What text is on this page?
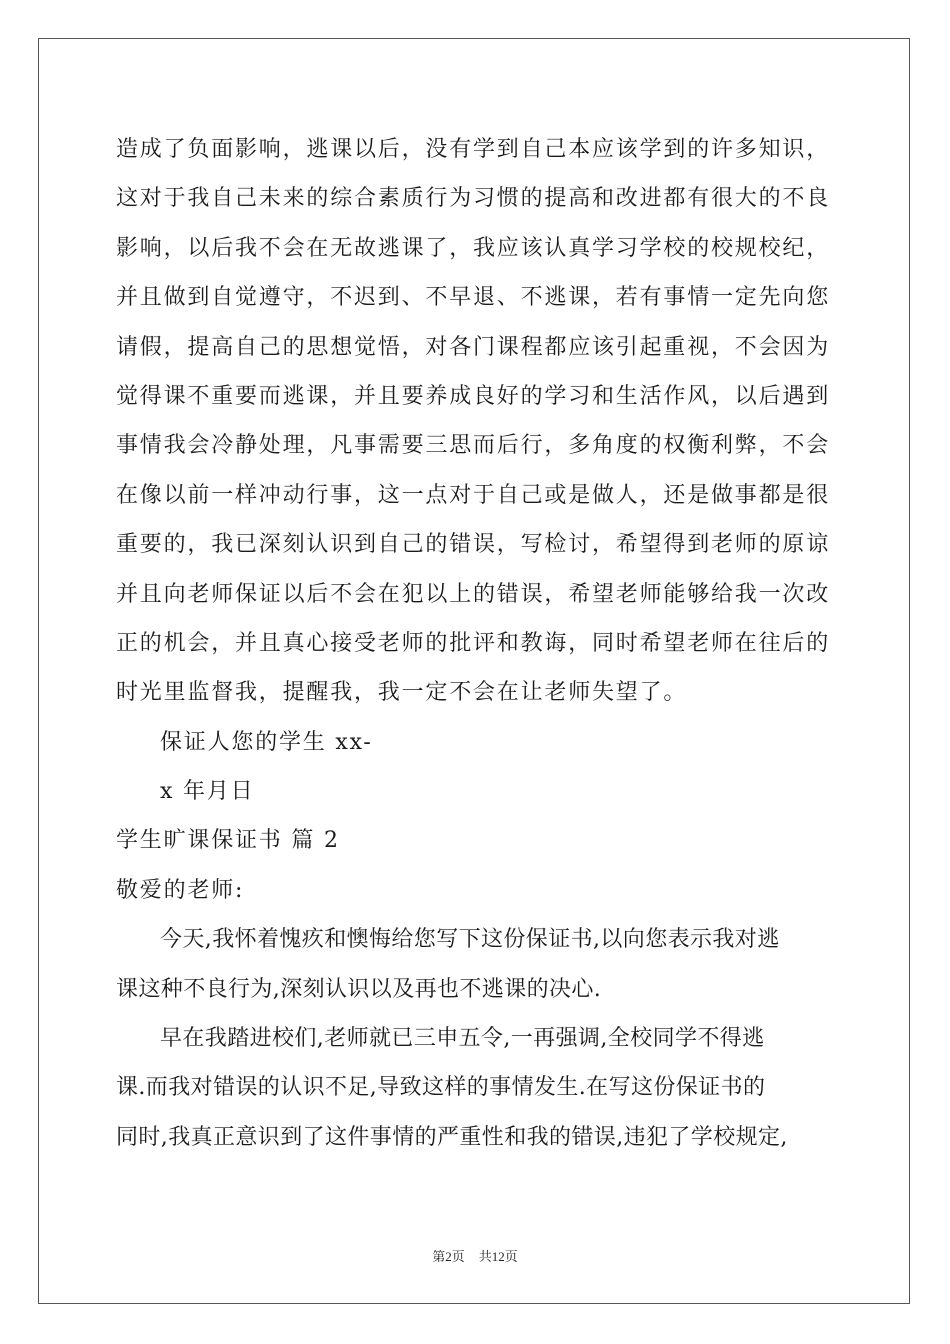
造成了负面影响，逃课以后，没有学到自己本应该学到的许多知识，
这对于我自己未来的综合素质行为习惯的提高和改进都有很大的不良
影响，以后我不会在无故逃课了，我应该认真学习学校的校规校纪，
并且做到自觉遵守，不迟到、不早退、不逃课，若有事情一定先向您
请假，提高自己的思想觉悟，对各门课程都应该引起重视，不会因为
觉得课不重要而逃课，并且要养成良好的学习和生活作风，以后遇到
事情我会冷静处理，凡事需要三思而后行，多角度的权衡利弊，不会
在像以前一样冲动行事，这一点对于自己或是做人，还是做事都是很
重要的，我已深刻认识到自己的错误，写检讨，希望得到老师的原谅
并且向老师保证以后不会在犯以上的错误，希望老师能够给我一次改
正的机会，并且真心接受老师的批评和教诲，同时希望老师在往后的
时光里监督我，提醒我，我一定不会在让老师失望了。
保证人您的学生 xx-
x 年月日
学生旷课保证书 篇 2
敬爱的老师:
今天,我怀着愧疚和懊悔给您写下这份保证书,以向您表示我对逃
课这种不良行为,深刻认识以及再也不逃课的决心.
早在我踏进校们,老师就已三申五令,一再强调,全校同学不得逃
课.而我对错误的认识不足,导致这样的事情发生.在写这份保证书的
同时,我真正意识到了这件事情的严重性和我的错误,违犯了学校规定,
第2页 共12页
